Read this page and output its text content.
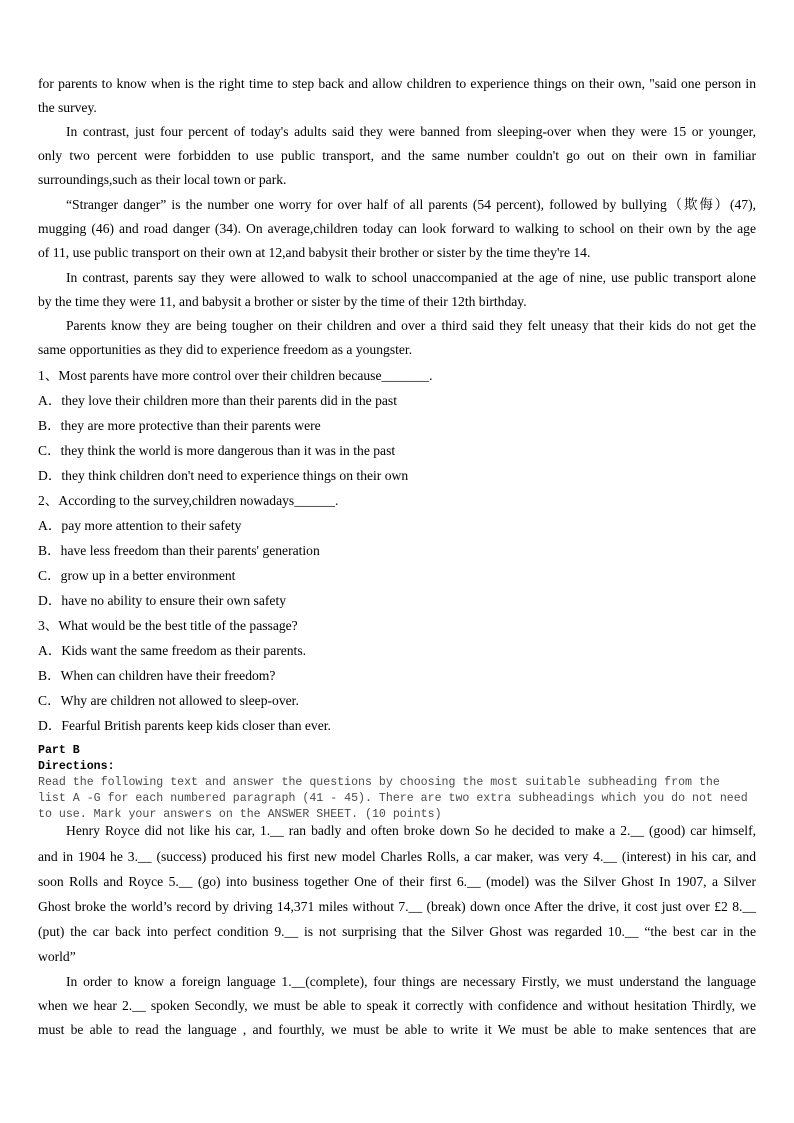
for parents to know when is the right time to step back and allow children to experience things on their own, "said one person in
the survey.
In contrast, just four percent of today's adults said they were banned from sleeping-over when they were 15 or younger,
only two percent were forbidden to use public transport, and the same number couldn't go out on their own in familiar
surroundings,such as their local town or park.
“Stranger danger” is the number one worry for over half of all parents (54 percent), followed by bullying（欺侮）(47),
mugging (46) and road danger (34). On average,children today can look forward to walking to school on their own by the age
of 11, use public transport on their own at 12,and babysit their brother or sister by the time they're 14.
In contrast, parents say they were allowed to walk to school unaccompanied at the age of nine, use public transport alone
by the time they were 11, and babysit a brother or sister by the time of their 12th birthday.
Parents know they are being tougher on their children and over a third said they felt uneasy that their kids do not get the
same opportunities as they did to experience freedom as a youngster.
1、Most parents have more control over their children because_______.
A．they love their children more than their parents did in the past
B．they are more protective than their parents were
C．they think the world is more dangerous than it was in the past
D．they think children don't need to experience things on their own
2、According to the survey,children nowadays______.
A．pay more attention to their safety
B．have less freedom than their parents' generation
C．grow up in a better environment
D．have no ability to ensure their own safety
3、What would be the best title of the passage?
A．Kids want the same freedom as their parents.
B．When can children have their freedom?
C．Why are children not allowed to sleep-over.
D．Fearful British parents keep kids closer than ever.
Part B
Directions:
Read the following text and answer the questions by choosing the most suitable subheading from the
list A -G for each numbered paragraph (41 - 45). There are two extra subheadings which you do not need
to use. Mark your answers on the ANSWER SHEET. (10 points)
Henry Royce did not like his car, 1.__ ran badly and often broke down So he decided to make a 2.__ (good) car himself,
and in 1904 he 3.__ (success) produced his first new model Charles Rolls, a car maker, was very 4.__ (interest) in his car, and
soon Rolls and Royce 5.__ (go) into business together One of their first 6.__ (model) was the Silver Ghost In 1907, a Silver
Ghost broke the world’s record by driving 14,371 miles without 7.__ (break) down once After the drive, it cost just over £2 8.__
(put) the car back into perfect condition 9.__ is not surprising that the Silver Ghost was regarded 10.__ “the best car in the
world”
In order to know a foreign language 1.__(complete), four things are necessary Firstly, we must understand the language
when we hear 2.__ spoken Secondly, we must be able to speak it correctly with confidence and without hesitation Thirdly, we
must be able to read the language , and fourthly, we must be able to write it We must be able to make sentences that are
